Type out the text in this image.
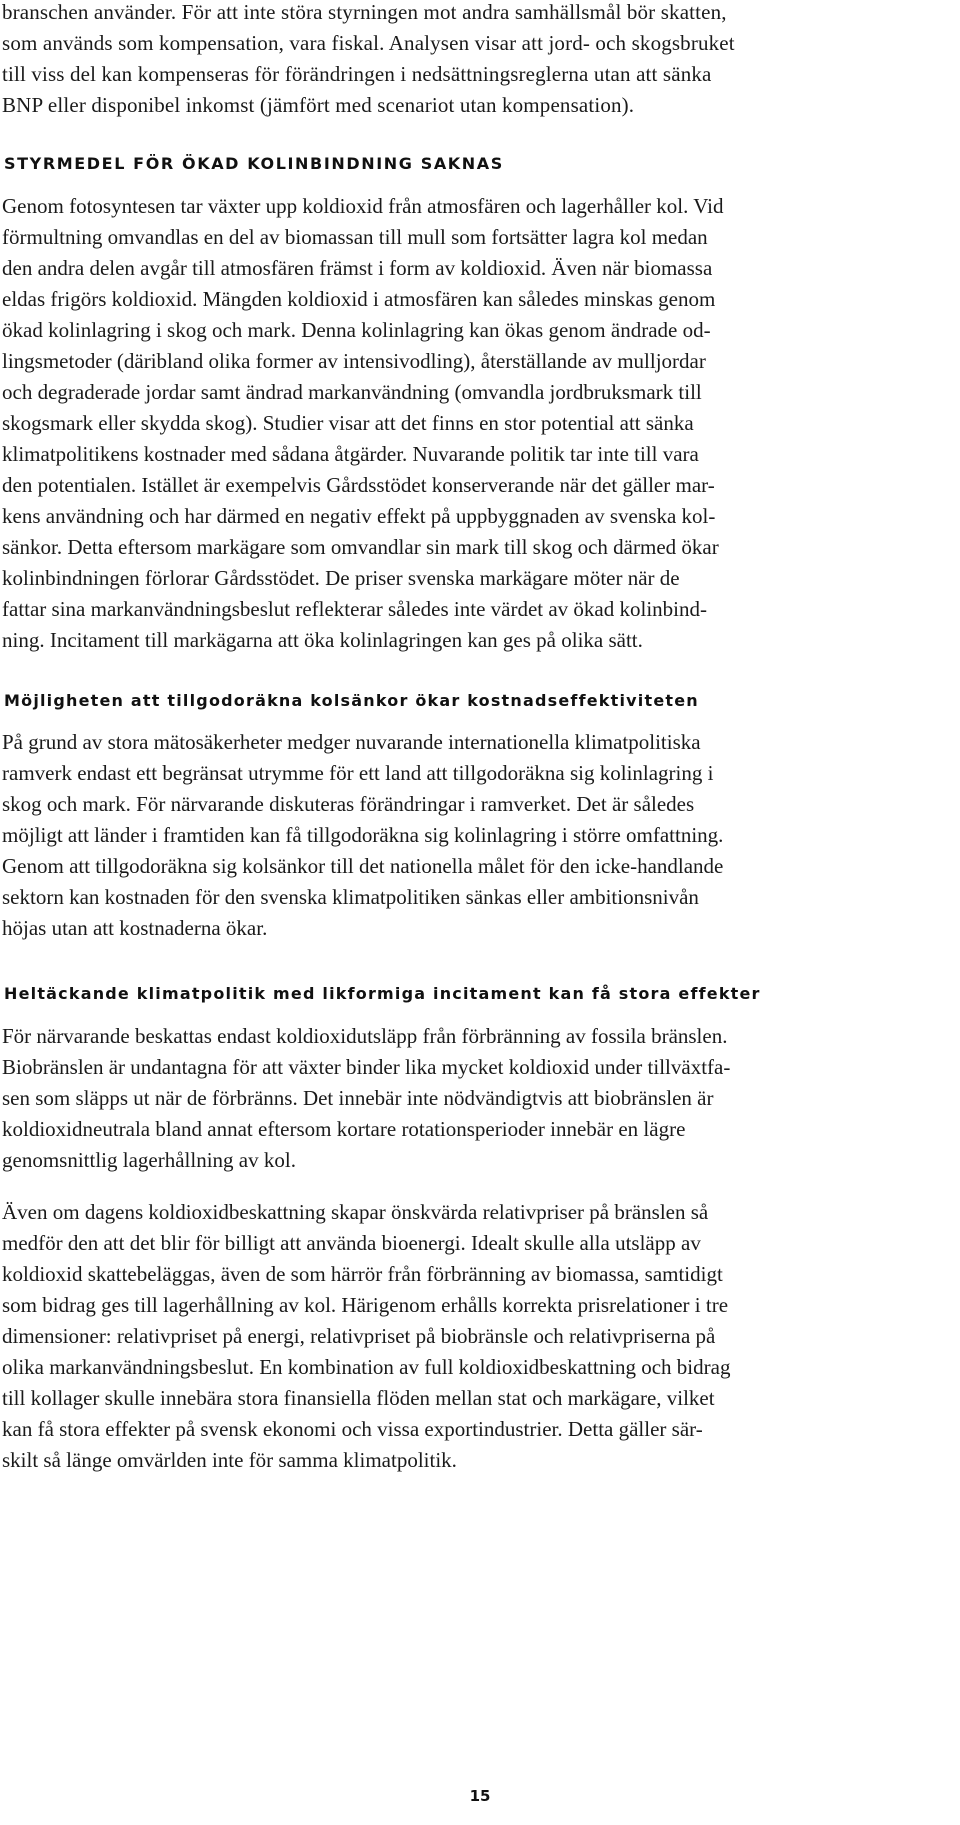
branschen använder. För att inte störa styrningen mot andra samhällsmål bör skatten,

som används som kompensation, vara fiskal. Analysen visar att jord- och skogsbruket

till viss del kan kompenseras för förändringen i nedsättningsreglerna utan att sänka

BNP eller disponibel inkomst (jämfört med scenariot utan kompensation).

STYRMEDEL FÖR ÖKAD KOLINBINDNING SAKNAS

Genom fotosyntesen tar växter upp koldioxid från atmosfären och lagerhåller kol. Vid

förmultning omvandlas en del av biomassan till mull som fortsätter lagra kol medan

den andra delen avgår till atmosfären främst i form av koldioxid. Även när biomassa

eldas frigörs koldioxid. Mängden koldioxid i atmosfären kan således minskas genom

ökad kolinlagring i skog och mark. Denna kolinlagring kan ökas genom ändrade od-

lingsmetoder (däribland olika former av intensivodling), återställande av mulljordar

och degraderade jordar samt ändrad markanvändning (omvandla jordbruksmark till

skogsmark eller skydda skog). Studier visar att det finns en stor potential att sänka

klimatpolitikens kostnader med sådana åtgärder. Nuvarande politik tar inte till vara

den potentialen. Istället är exempelvis Gårdsstödet konserverande när det gäller mar-

kens användning och har därmed en negativ effekt på uppbyggnaden av svenska kol-

sänkor. Detta eftersom markägare som omvandlar sin mark till skog och därmed ökar

kolinbindningen förlorar Gårdsstödet. De priser svenska markägare möter när de

fattar sina markanvändningsbeslut reflekterar således inte värdet av ökad kolinbind-

ning. Incitament till markägarna att öka kolinlagringen kan ges på olika sätt.

Möjligheten att tillgodoräkna kolsänkor ökar kostnadseffektiviteten

På grund av stora mätosäkerheter medger nuvarande internationella klimatpolitiska

ramverk endast ett begränsat utrymme för ett land att tillgodoräkna sig kolinlagring i

skog och mark. För närvarande diskuteras förändringar i ramverket. Det är således

möjligt att länder i framtiden kan få tillgodoräkna sig kolinlagring i större omfattning.

Genom att tillgodoräkna sig kolsänkor till det nationella målet för den icke-handlande

sektorn kan kostnaden för den svenska klimatpolitiken sänkas eller ambitionsnivån

höjas utan att kostnaderna ökar.

Heltäckande klimatpolitik med likformiga incitament kan få stora effekter

För närvarande beskattas endast koldioxidutsläpp från förbränning av fossila bränslen.

Biobränslen är undantagna för att växter binder lika mycket koldioxid under tillväxtfa-

sen som släpps ut när de förbränns. Det innebär inte nödvändigtvis att biobränslen är

koldioxidneutrala bland annat eftersom kortare rotationsperioder innebär en lägre

genomsnittlig lagerhållning av kol.

Även om dagens koldioxidbeskattning skapar önskvärda relativpriser på bränslen så

medför den att det blir för billigt att använda bioenergi. Idealt skulle alla utsläpp av

koldioxid skattebeläggas, även de som härrör från förbränning av biomassa, samtidigt

som bidrag ges till lagerhållning av kol. Härigenom erhålls korrekta prisrelationer i tre

dimensioner: relativpriset på energi, relativpriset på biobränsle och relativpriserna på

olika markanvändningsbeslut. En kombination av full koldioxidbeskattning och bidrag

till kollager skulle innebära stora finansiella flöden mellan stat och markägare, vilket

kan få stora effekter på svensk ekonomi och vissa exportindustrier. Detta gäller sär-

skilt så länge omvärlden inte för samma klimatpolitik.

15
